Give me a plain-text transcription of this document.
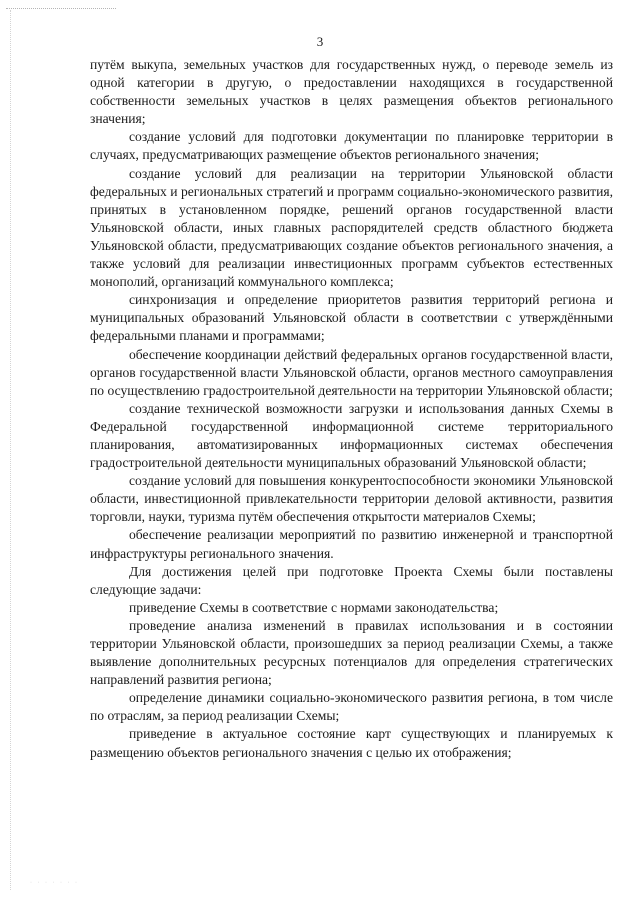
3

путём выкупа, земельных участков для государственных нужд, о переводе земель из одной категории в другую, о предоставлении находящихся в государственной собственности земельных участков в целях размещения объектов регионального значения;

создание условий для подготовки документации по планировке территории в случаях, предусматривающих размещение объектов регионального значения;

создание условий для реализации на территории Ульяновской области федеральных и региональных стратегий и программ социально-экономического развития, принятых в установленном порядке, решений органов государственной власти Ульяновской области, иных главных распорядителей средств областного бюджета Ульяновской области, предусматривающих создание объектов регионального значения, а также условий для реализации инвестиционных программ субъектов естественных монополий, организаций коммунального комплекса;

синхронизация и определение приоритетов развития территорий региона и муниципальных образований Ульяновской области в соответствии с утверждёнными федеральными планами и программами;

обеспечение координации действий федеральных органов государственной власти, органов государственной власти Ульяновской области, органов местного самоуправления по осуществлению градостроительной деятельности на территории Ульяновской области;

создание технической возможности загрузки и использования данных Схемы в Федеральной государственной информационной системе территориального планирования, автоматизированных информационных системах обеспечения градостроительной деятельности муниципальных образований Ульяновской области;

создание условий для повышения конкурентоспособности экономики Ульяновской области, инвестиционной привлекательности территории деловой активности, развития торговли, науки, туризма путём обеспечения открытости материалов Схемы;

обеспечение реализации мероприятий по развитию инженерной и транспортной инфраструктуры регионального значения.

Для достижения целей при подготовке Проекта Схемы были поставлены следующие задачи:

приведение Схемы в соответствие с нормами законодательства;

проведение анализа изменений в правилах использования и в состоянии территории Ульяновской области, произошедших за период реализации Схемы, а также выявление дополнительных ресурсных потенциалов для определения стратегических направлений развития региона;

определение динамики социально-экономического развития региона, в том числе по отраслям, за период реализации Схемы;

приведение в актуальное состояние карт существующих и планируемых к размещению объектов регионального значения с целью их отображения;

· · · · · · ·
